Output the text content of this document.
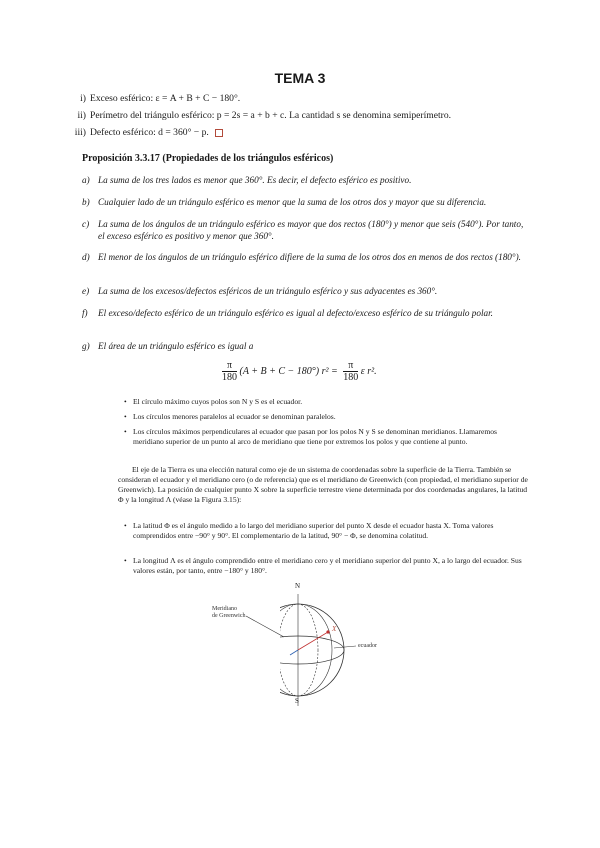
TEMA 3
i) Exceso esférico: ε = A + B + C − 180°.
ii) Perímetro del triángulo esférico: p = 2s = a + b + c. La cantidad s se denomina semiperímetro.
iii) Defecto esférico: d = 360° − p.
Proposición 3.3.17 (Propiedades de los triángulos esféricos)
a) La suma de los tres lados es menor que 360°. Es decir, el defecto esférico es positivo.
b) Cualquier lado de un triángulo esférico es menor que la suma de los otros dos y mayor que su diferencia.
c) La suma de los ángulos de un triángulo esférico es mayor que dos rectos (180°) y menor que seis (540°). Por tanto, el exceso esférico es positivo y menor que 360°.
d) El menor de los ángulos de un triángulo esférico difiere de la suma de los otros dos en menos de dos rectos (180°).
e) La suma de los excesos/defectos esféricos de un triángulo esférico y sus adyacentes es 360°.
f) El exceso/defecto esférico de un triángulo esférico es igual al defecto/exceso esférico de su triángulo polar.
g) El área de un triángulo esférico es igual a
$\frac{\pi}{180} (A + B + C - 180^\circ) r^2 = \frac{\pi}{180}$ ε r².
• El círculo máximo cuyos polos son N y S es el ecuador.
• Los círculos menores paralelos al ecuador se denominan paralelos.
• Los círculos máximos perpendiculares al ecuador que pasan por los polos N y S se denominan meridianos. Llamaremos meridiano superior de un punto al arco de meridiano que tiene por extremos los polos y que contiene al punto.
El eje de la Tierra es una elección natural como eje de un sistema de coordenadas sobre la superficie de la Tierra. También se consideran el ecuador y el meridiano cero (o de referencia) que es el meridiano de Greenwich (con propiedad, el meridiano superior de Greenwich). La posición de cualquier punto X sobre la superficie terrestre viene determinada por dos coordenadas angulares, la latitud Φ y la longitud Λ (véase la Figura 3.15):
• La latitud Φ es el ángulo medido a lo largo del meridiano superior del punto X desde el ecuador hasta X. Toma valores comprendidos entre −90° y 90°. El complementario de la latitud, 90° − Φ, se denomina colatitud.
• La longitud Λ es el ángulo comprendido entre el meridiano cero y el meridiano superior del punto X, a lo largo del ecuador. Sus valores están, por tanto, entre −180° y 180°.
N
S
Meridiano
de Greenwich
ecuador
X
